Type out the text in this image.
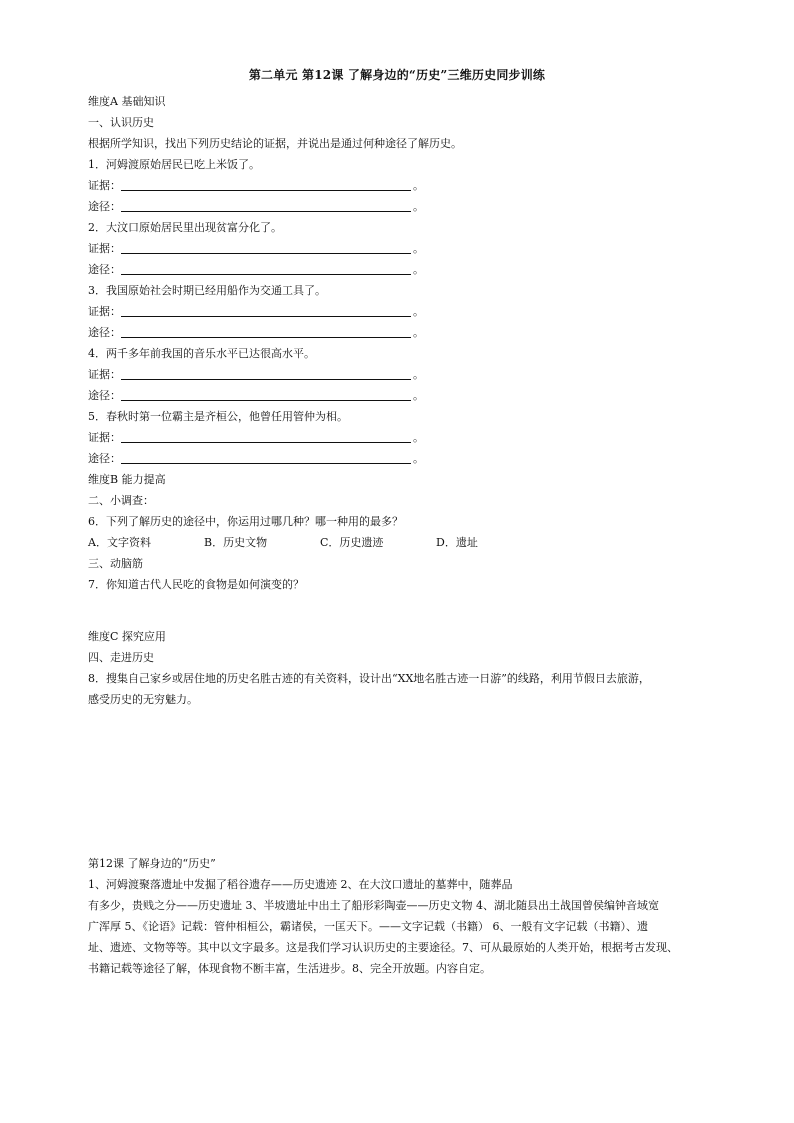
第二单元 第12课 了解身边的“历史”三维历史同步训练
维度A 基础知识
一、认识历史
根据所学知识，找出下列历史结论的证据，并说出是通过何种途径了解历史。
1．河姆渡原始居民已吃上米饭了。
证据：	。
途径：	。
2．大汶口原始居民里出现贫富分化了。
证据：	。
途径：	。
3．我国原始社会时期已经用船作为交通工具了。
证据：	。
途径：	。
4．两千多年前我国的音乐水平已达很高水平。
证据：	。
途径：	。
5．春秋时第一位霸主是齐桓公，他曾任用管仲为相。
证据：	。
途径：	。
维度B 能力提高
二、小调查：
6．下列了解历史的途径中，你运用过哪几种？哪一种用的最多？
A．文字资料	B．历史文物	C．历史遗迹	D．遗址
三、动脑筋
7．你知道古代人民吃的食物是如何演变的？
维度C 探究应用
四、走进历史
8．搜集自己家乡或居住地的历史名胜古迹的有关资料，设计出“XX地名胜古迹一日游”的线路，利用节假日去旅游，
感受历史的无穷魅力。
第12课 了解身边的“历史”
1、河姆渡聚落遗址中发掘了稻谷遗存——历史遗迹 2、在大汶口遗址的墓葬中，随葬品
有多少，贵贱之分——历史遗址 3、半坡遗址中出土了船形彩陶壶——历史文物 4、湖北随县出土战国曾侯编钟音域宽
广浑厚 5、《论语》记载：管仲相桓公，霸诸侯，一匡天下。——文字记载（书籍） 6、一般有文字记载（书籍）、遗
址、遗迹、文物等等。其中以文字最多。这是我们学习认识历史的主要途径。7、可从最原始的人类开始，根据考古发现、
书籍记载等途径了解，体现食物不断丰富，生活进步。8、完全开放题。内容自定。
